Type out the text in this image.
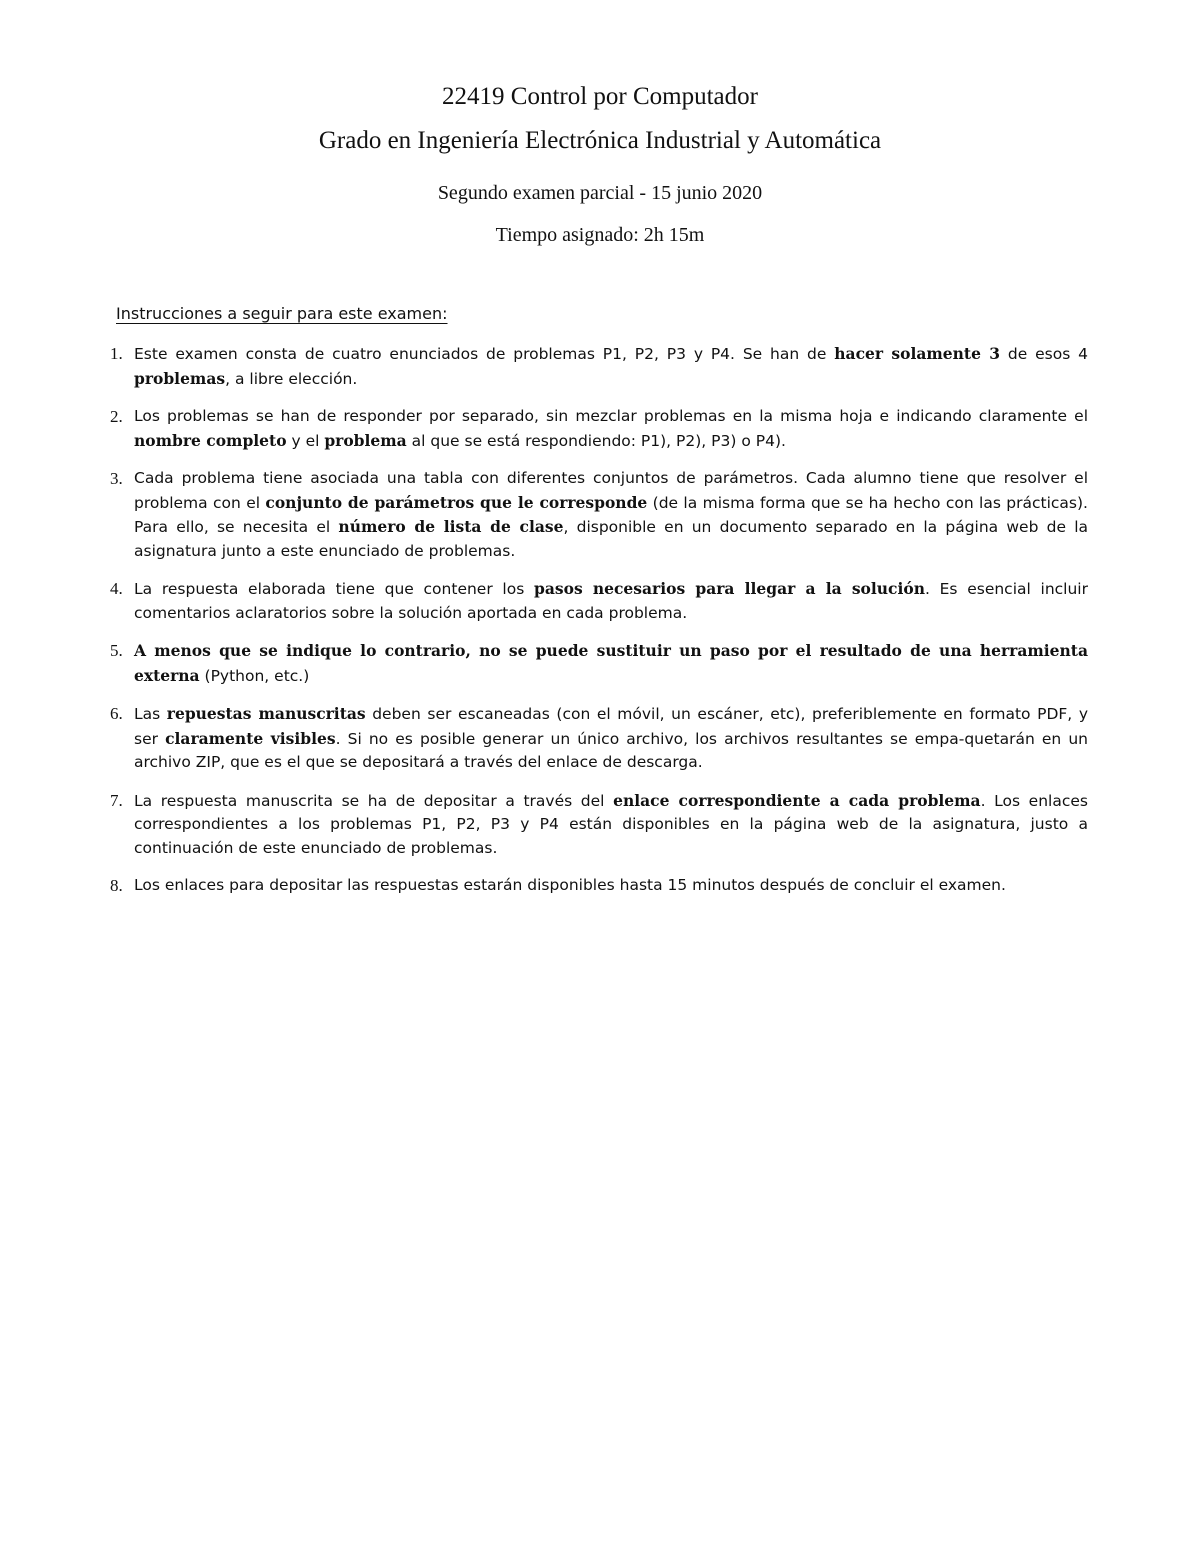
22419 Control por Computador
Grado en Ingeniería Electrónica Industrial y Automática
Segundo examen parcial - 15 junio 2020
Tiempo asignado: 2h 15m
Instrucciones a seguir para este examen:
1. Este examen consta de cuatro enunciados de problemas P1, P2, P3 y P4. Se han de hacer solamente 3 de esos 4 problemas, a libre elección.
2. Los problemas se han de responder por separado, sin mezclar problemas en la misma hoja e indicando claramente el nombre completo y el problema al que se está respondiendo: P1), P2), P3) o P4).
3. Cada problema tiene asociada una tabla con diferentes conjuntos de parámetros. Cada alumno tiene que resolver el problema con el conjunto de parámetros que le corresponde (de la misma forma que se ha hecho con las prácticas). Para ello, se necesita el número de lista de clase, disponible en un documento separado en la página web de la asignatura junto a este enunciado de problemas.
4. La respuesta elaborada tiene que contener los pasos necesarios para llegar a la solución. Es esencial incluir comentarios aclaratorios sobre la solución aportada en cada problema.
5. A menos que se indique lo contrario, no se puede sustituir un paso por el resultado de una herramienta externa (Python, etc.)
6. Las repuestas manuscritas deben ser escaneadas (con el móvil, un escáner, etc), preferiblemente en formato PDF, y ser claramente visibles. Si no es posible generar un único archivo, los archivos resultantes se empa-quetarán en un archivo ZIP, que es el que se depositará a través del enlace de descarga.
7. La respuesta manuscrita se ha de depositar a través del enlace correspondiente a cada problema. Los enlaces correspondientes a los problemas P1, P2, P3 y P4 están disponibles en la página web de la asignatura, justo a continuación de este enunciado de problemas.
8. Los enlaces para depositar las respuestas estarán disponibles hasta 15 minutos después de concluir el examen.
